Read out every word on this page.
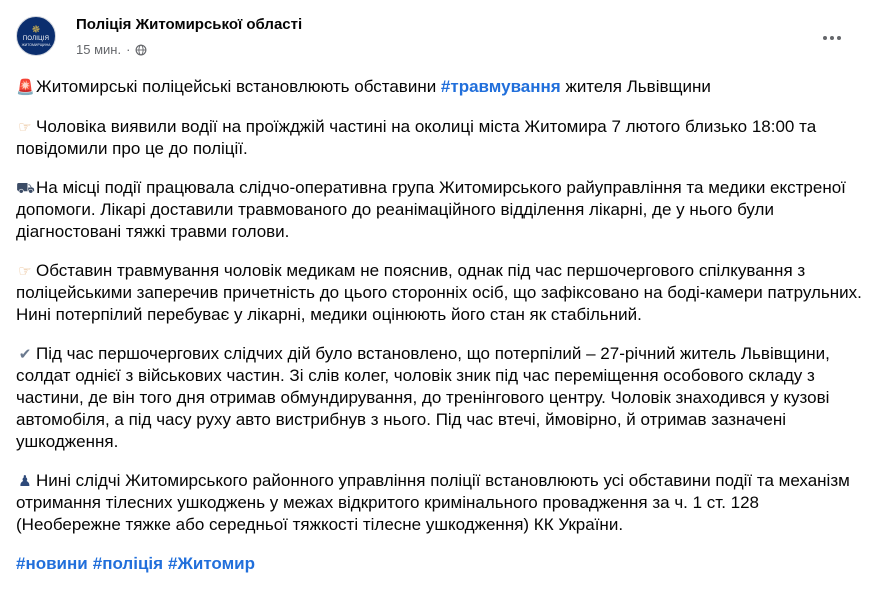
✵
ПОЛІЦІЯ
ЖИТОМИРЩИНА
Поліція Житомирської області
15 мин. ·

🚨Житомирські поліцейські встановлюють обставини #травмування жителя Львівщини

☞ Чоловіка виявили водії на проїжджій частині на околиці міста Житомира 7 лютого близько 18:00 та повідомили про це до поліції.

⛟На місці події працювала слідчо-оперативна група Житомирського райуправління та медики екстреної допомоги. Лікарі доставили травмованого до реанімаційного відділення лікарні, де у нього були діагностовані тяжкі травми голови.

☞ Обставин травмування чоловік медикам не пояснив, однак під час першочергового спілкування з поліцейськими заперечив причетність до цього сторонніх осіб, що зафіксовано на боді-камери патрульних. Нині потерпілий перебуває у лікарні, медики оцінюють його стан як стабільний.

✔ Під час першочергових слідчих дій було встановлено, що потерпілий – 27-річний житель Львівщини, солдат однієї з військових частин. Зі слів колег, чоловік зник під час переміщення особового складу з частини, де він того дня отримав обмундирування, до тренінгового центру. Чоловік знаходився у кузові автомобіля, а під часу руху авто вистрибнув з нього. Під час втечі, ймовірно, й отримав зазначені ушкодження.

♟ Нині слідчі Житомирського районного управління поліції встановлюють усі обставини події та механізм отримання тілесних ушкоджень у межах відкритого кримінального провадження за ч. 1 ст. 128 (Необережне тяжке або середньої тяжкості тілесне ушкодження) КК України.

#новини #поліція #Житомир
